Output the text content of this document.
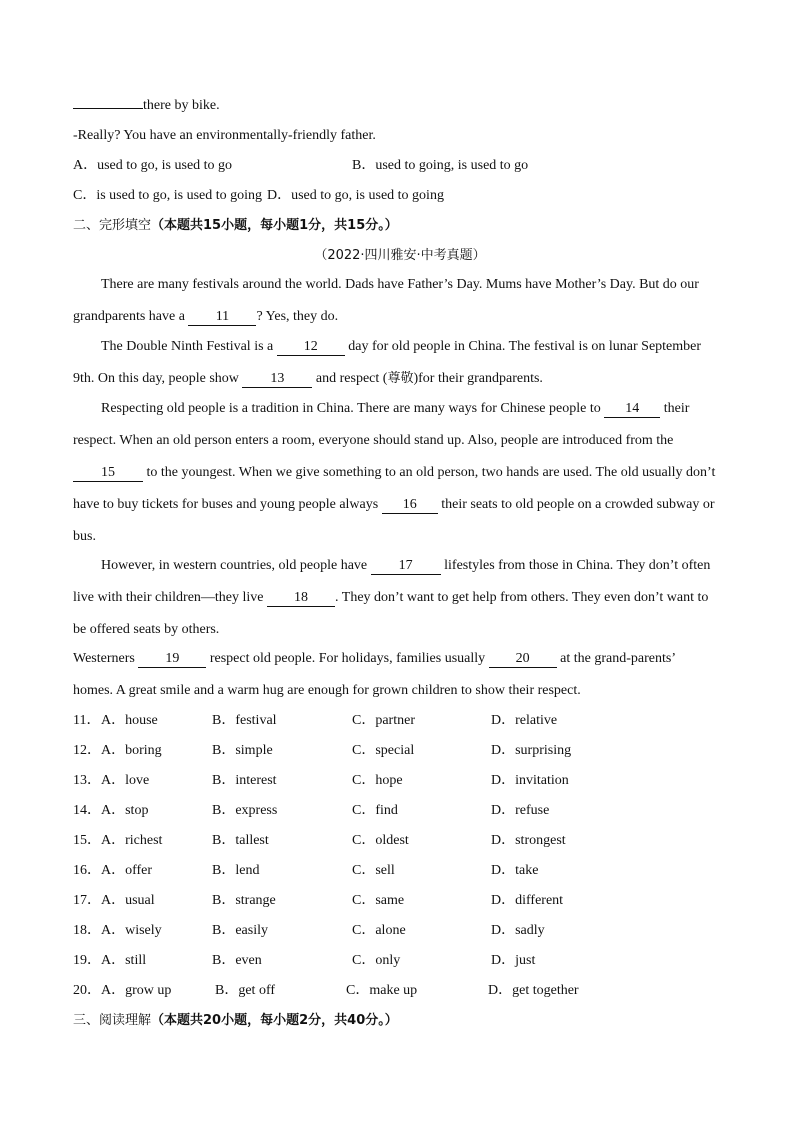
there by bike.
-Really? You have an environmentally-friendly father.
A．used to go, is used to go	B．used to going, is used to go
C．is used to go, is used to going D．used to go, is used to going
二、完形填空（本题共15小题，每小题1分，共15分。）
（2022·四川雅安·中考真题）
There are many festivals around the world. Dads have Father’s Day. Mums have Mother’s Day. But do our
grandparents have a 11 ? Yes, they do.
The Double Ninth Festival is a 12 day for old people in China. The festival is on lunar September
9th. On this day, people show 13 and respect (尊敬)for their grandparents.
Respecting old people is a tradition in China. There are many ways for Chinese people to 14 their
respect. When an old person enters a room, everyone should stand up. Also, people are introduced from the
15 to the youngest. When we give something to an old person, two hands are used. The old usually don’t
have to buy tickets for buses and young people always 16 their seats to old people on a crowded subway or
bus.
However, in western countries, old people have 17 lifestyles from those in China. They don’t often
live with their children—they live 18 . They don’t want to get help from others. They even don’t want to
be offered seats by others.
Westerners 19 respect old people. For holidays, families usually 20 at the grand-parents’
homes. A great smile and a warm hug are enough for grown children to show their respect.
11． A．house	B．festival	C．partner	D．relative
12． A．boring	B．simple	C．special	D．surprising
13． A．love	B．interest	C．hope	D．invitation
14． A．stop	B．express	C．find	D．refuse
15． A．richest	B．tallest	C．oldest	D．strongest
16． A．offer	B．lend	C．sell	D．take
17． A．usual	B．strange	C．same	D．different
18． A．wisely	B．easily	C．alone	D．sadly
19． A．still	B．even	C．only	D．just
20． A．grow up	B．get off	C．make up	D．get together
三、阅读理解（本题共20小题，每小题2分，共40分。）
